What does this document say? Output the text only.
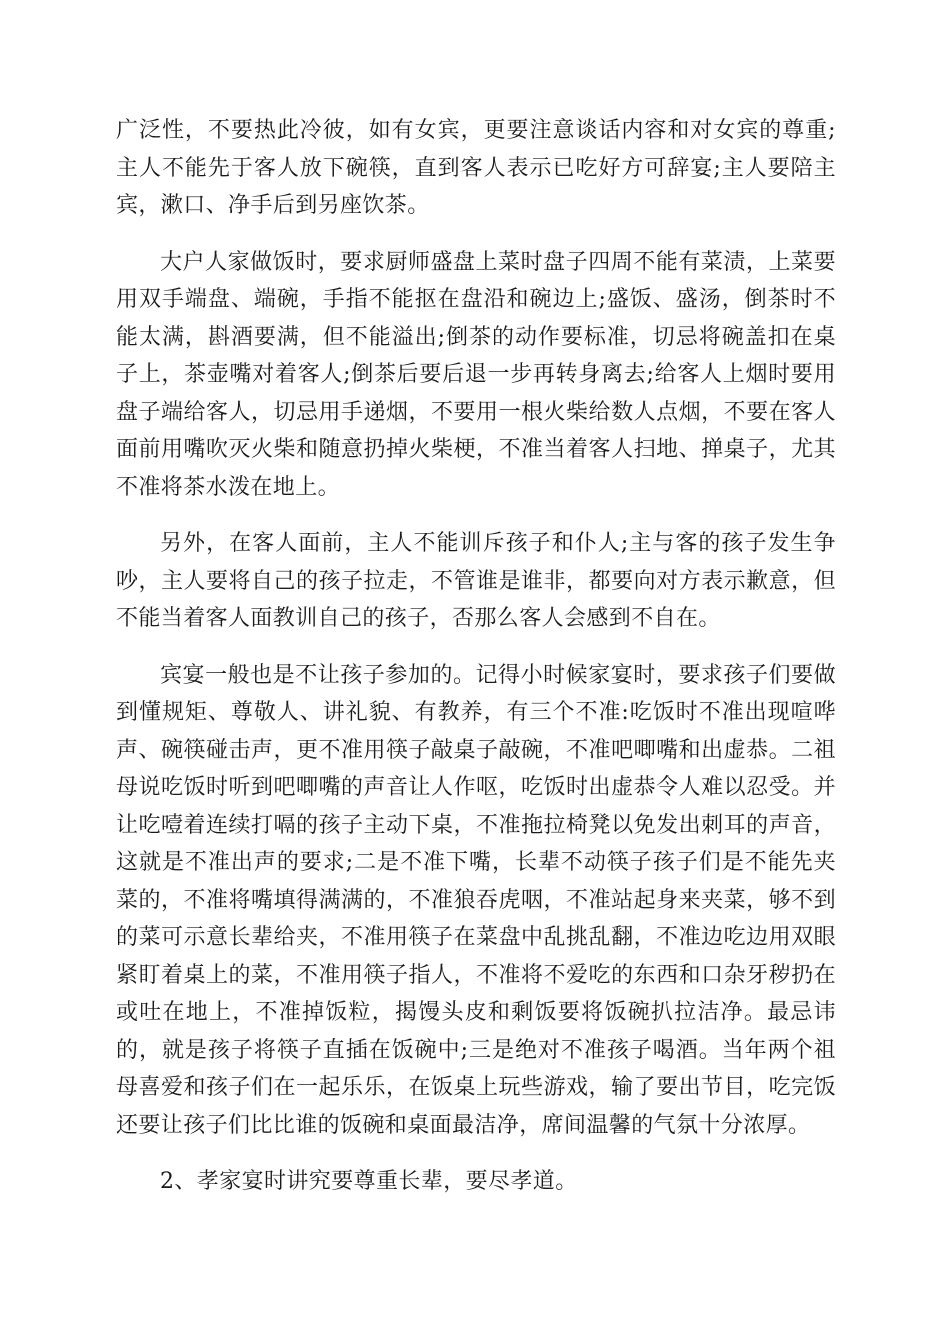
广泛性，不要热此冷彼，如有女宾，更要注意谈话内容和对女宾的尊重;主人不能先于客人放下碗筷，直到客人表示已吃好方可辞宴;主人要陪主宾，漱口、净手后到另座饮茶。

大户人家做饭时，要求厨师盛盘上菜时盘子四周不能有菜渍，上菜要用双手端盘、端碗，手指不能抠在盘沿和碗边上;盛饭、盛汤，倒茶时不能太满，斟酒要满，但不能溢出;倒茶的动作要标准，切忌将碗盖扣在桌子上，茶壶嘴对着客人;倒茶后要后退一步再转身离去;给客人上烟时要用盘子端给客人，切忌用手递烟，不要用一根火柴给数人点烟，不要在客人面前用嘴吹灭火柴和随意扔掉火柴梗，不准当着客人扫地、掸桌子，尤其不准将茶水泼在地上。

另外，在客人面前，主人不能训斥孩子和仆人;主与客的孩子发生争吵，主人要将自己的孩子拉走，不管谁是谁非，都要向对方表示歉意，但不能当着客人面教训自己的孩子，否那么客人会感到不自在。

宾宴一般也是不让孩子参加的。记得小时候家宴时，要求孩子们要做到懂规矩、尊敬人、讲礼貌、有教养，有三个不准:吃饭时不准出现喧哗声、碗筷碰击声，更不准用筷子敲桌子敲碗，不准吧唧嘴和出虚恭。二祖母说吃饭时听到吧唧嘴的声音让人作呕，吃饭时出虚恭令人难以忍受。并让吃噎着连续打嗝的孩子主动下桌，不准拖拉椅凳以免发出刺耳的声音，这就是不准出声的要求;二是不准下嘴，长辈不动筷子孩子们是不能先夹菜的，不准将嘴填得满满的，不准狼吞虎咽，不准站起身来夹菜，够不到的菜可示意长辈给夹，不准用筷子在菜盘中乱挑乱翻，不准边吃边用双眼紧盯着桌上的菜，不准用筷子指人，不准将不爱吃的东西和口杂牙秽扔在或吐在地上，不准掉饭粒，揭馒头皮和剩饭要将饭碗扒拉洁净。最忌讳的，就是孩子将筷子直插在饭碗中;三是绝对不准孩子喝酒。当年两个祖母喜爱和孩子们在一起乐乐，在饭桌上玩些游戏，输了要出节目，吃完饭还要让孩子们比比谁的饭碗和桌面最洁净，席间温馨的气氛十分浓厚。

2、孝家宴时讲究要尊重长辈，要尽孝道。
